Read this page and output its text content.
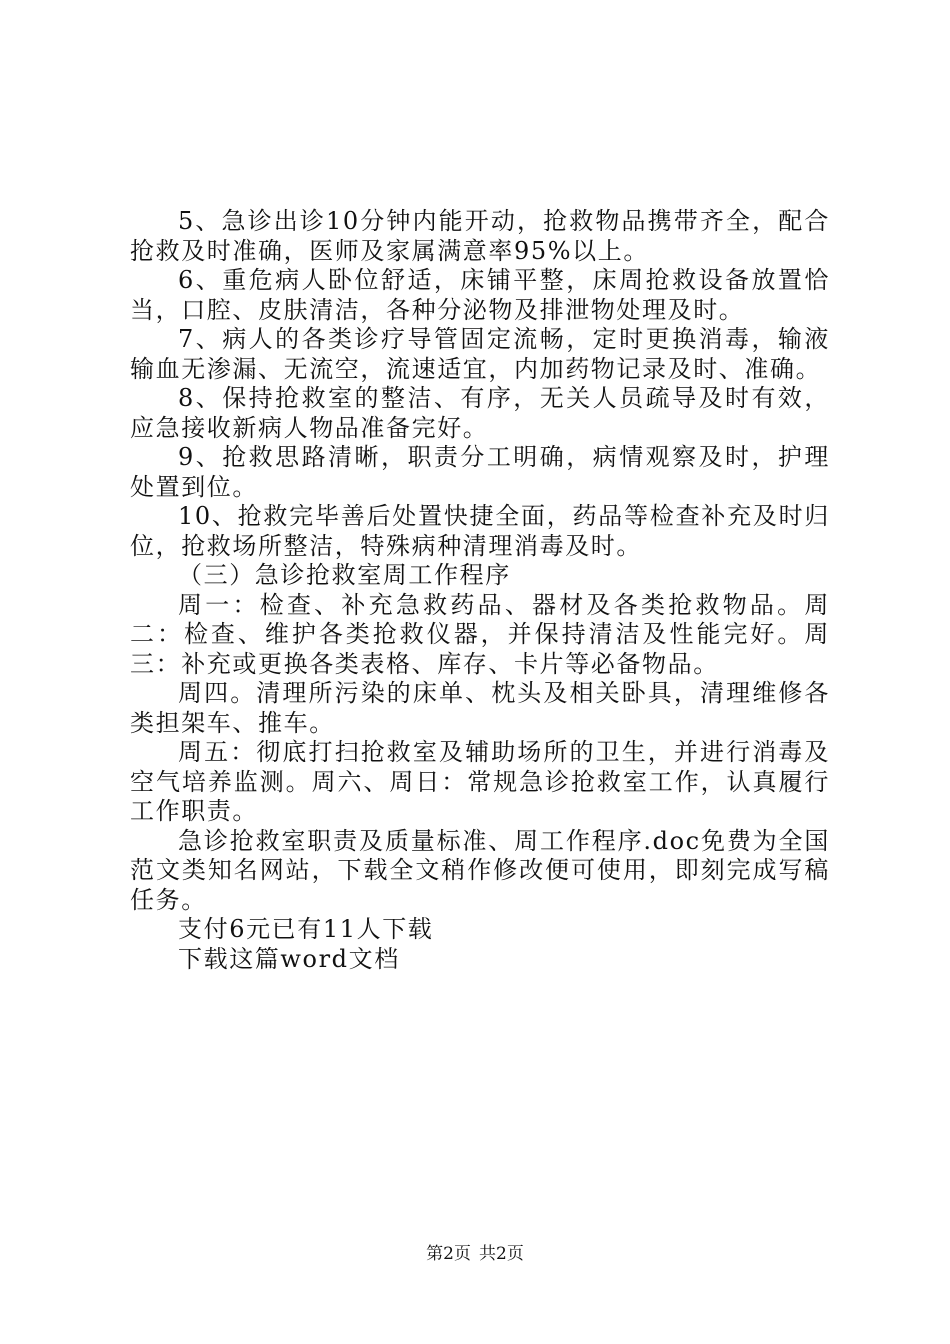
5、急诊出诊10分钟内能开动，抢救物品携带齐全，配合抢救及时准确，医师及家属满意率95%以上。

6、重危病人卧位舒适，床铺平整，床周抢救设备放置恰当，口腔、皮肤清洁，各种分泌物及排泄物处理及时。

7、病人的各类诊疗导管固定流畅，定时更换消毒，输液输血无渗漏、无流空，流速适宜，内加药物记录及时、准确。

8、保持抢救室的整洁、有序，无关人员疏导及时有效，应急接收新病人物品准备完好。

9、抢救思路清晰，职责分工明确，病情观察及时，护理处置到位。

10、抢救完毕善后处置快捷全面，药品等检查补充及时归位，抢救场所整洁，特殊病种清理消毒及时。

（三）急诊抢救室周工作程序

周一：检查、补充急救药品、器材及各类抢救物品。周二：检查、维护各类抢救仪器，并保持清洁及性能完好。周三：补充或更换各类表格、库存、卡片等必备物品。

周四。清理所污染的床单、枕头及相关卧具，清理维修各类担架车、推车。

周五：彻底打扫抢救室及辅助场所的卫生，并进行消毒及空气培养监测。周六、周日：常规急诊抢救室工作，认真履行工作职责。

急诊抢救室职责及质量标准、周工作程序.doc免费为全国范文类知名网站，下载全文稍作修改便可使用，即刻完成写稿任务。

支付6元已有11人下载

下载这篇word文档

第2页 共2页
